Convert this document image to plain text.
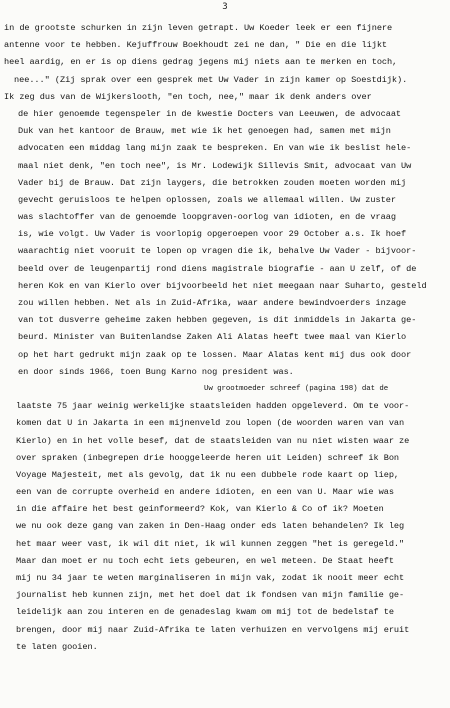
3
in de grootste schurken in zijn leven getrapt. Uw Koeder leek er een fijnere
antenne voor te hebben. Kejuffrouw Boekhoudt zei ne dan, " Die en die lijkt
heel aardig, en er is op diens gedrag jegens mij niets aan te merken en toch,
nee..." (Zij sprak over een gesprek met Uw Vader in zijn kamer op Soestdijk).
Ik zeg dus van de Wijkerslooth, "en toch, nee," maar ik denk anders over
de hier genoemde tegenspeler in de kwestie Docters van Leeuwen, de advocaat
Duk van het kantoor de Brauw, met wie ik het genoegen had, samen met mijn
advocaten een middag lang mijn zaak te bespreken. En van wie ik beslist hele-
maal niet denk, "en toch nee", is Mr. Lodewijk Sillevis Smit, advocaat van Uw
Vader bij de Brauw. Dat zijn laygers, die betrokken zouden moeten worden mij
gevecht geruisloos te helpen oplossen, zoals we allemaal willen. Uw zuster
was slachtoffer van de genoemde loopgraven-oorlog van idioten, en de vraag
is, wie volgt. Uw Vader is voorlopig opgeroepen voor 29 October a.s. Ik hoef
waarachtig niet vooruit te lopen op vragen die ik, behalve Uw Vader - bijvoor-
beeld over de leugenpartij rond diens magistrale biografie - aan U zelf, of de
heren Kok en van Kierlo over bijvoorbeeld het niet meegaan naar Suharto, gesteld
zou willen hebben. Net als in Zuid-Afrika, waar andere bewindvoerders inzage
van tot dusverre geheime zaken hebben gegeven, is dit inmiddels in Jakarta ge-
beurd. Minister van Buitenlandse Zaken Ali Alatas heeft twee maal van Kierlo
op het hart gedrukt mijn zaak op te lossen. Maar Alatas kent mij dus ook door
en door sinds 1966, toen Bung Karno nog president was.
Uw grootmoeder schreef (pagina 198) dat de
laatste 75 jaar weinig werkelijke staatsleiden hadden opgeleverd. Om te voor-
komen dat U in Jakarta in een mijnenveld zou lopen (de woorden waren van van
Kierlo) en in het volle besef, dat de staatsleiden van nu niet wisten waar ze
over spraken (inbegrepen drie hooggeleerde heren uit Leiden) schreef ik Bon
Voyage Majesteit, met als gevolg, dat ik nu een dubbele rode kaart op liep,
een van de corrupte overheid en andere idioten, en een van U. Maar wie was
in die affaire het best geinformeerd? Kok, van Kierlo & Co of ik? Moeten
we nu ook deze gang van zaken in Den-Haag onder eds laten behandelen? Ik leg
het maar weer vast, ik wil dit niet, ik wil kunnen zeggen "het is geregeld."
Maar dan moet er nu toch echt iets gebeuren, en wel meteen. De Staat heeft
mij nu 34 jaar te weten marginaliseren in mijn vak, zodat ik nooit meer echt
journalist heb kunnen zijn, met het doel dat ik fondsen van mijn familie ge-
leidelijk aan zou interen en de genadeslag kwam om mij tot de bedelstaf te
brengen, door mij naar Zuid-Afrika te laten verhuizen en vervolgens mij eruit
te laten gooien.
